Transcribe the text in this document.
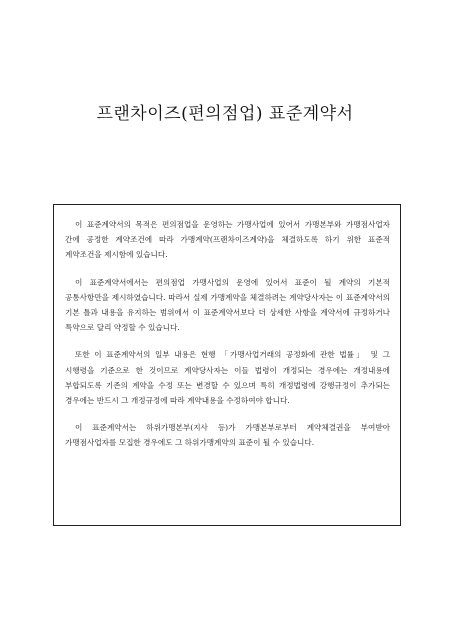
프랜차이즈(편의점업) 표준계약서

이 표준계약서의 목적은 편의점업을 운영하는 가맹사업에 있어서 가맹본부와 가맹점사업자 간에 공정한 계약조건에 따라 가맹계약(프랜차이즈계약)을 체결하도록 하기 위한 표준적 계약조건을 제시함에 있습니다.

이 표준계약서에서는 편의점업 가맹사업의 운영에 있어서 표준이 될 계약의 기본적 공통사항만을 제시하였습니다. 따라서 실제 가맹계약을 체결하려는 계약당사자는 이 표준계약서의 기본 틀과 내용을 유지하는 범위에서 이 표준계약서보다 더 상세한 사항을 계약서에 규정하거나 특약으로 달리 약정할 수 있습니다.

또한 이 표준계약서의 일부 내용은 현행 「가맹사업거래의 공정화에 관한 법률」 및 그 시행령을 기준으로 한 것이므로 계약당사자는 이들 법령이 개정되는 경우에는 개정내용에 부합되도록 기존의 계약을 수정 또는 변경할 수 있으며 특히 개정법령에 강행규정이 추가되는 경우에는 반드시 그 개정규정에 따라 계약내용을 수정하여야 합니다.

이 표준계약서는 하위가맹본부(지사 등)가 가맹본부로부터 계약체결권을 부여받아 가맹점사업자를 모집한 경우에도 그 하위가맹계약의 표준이 될 수 있습니다.
